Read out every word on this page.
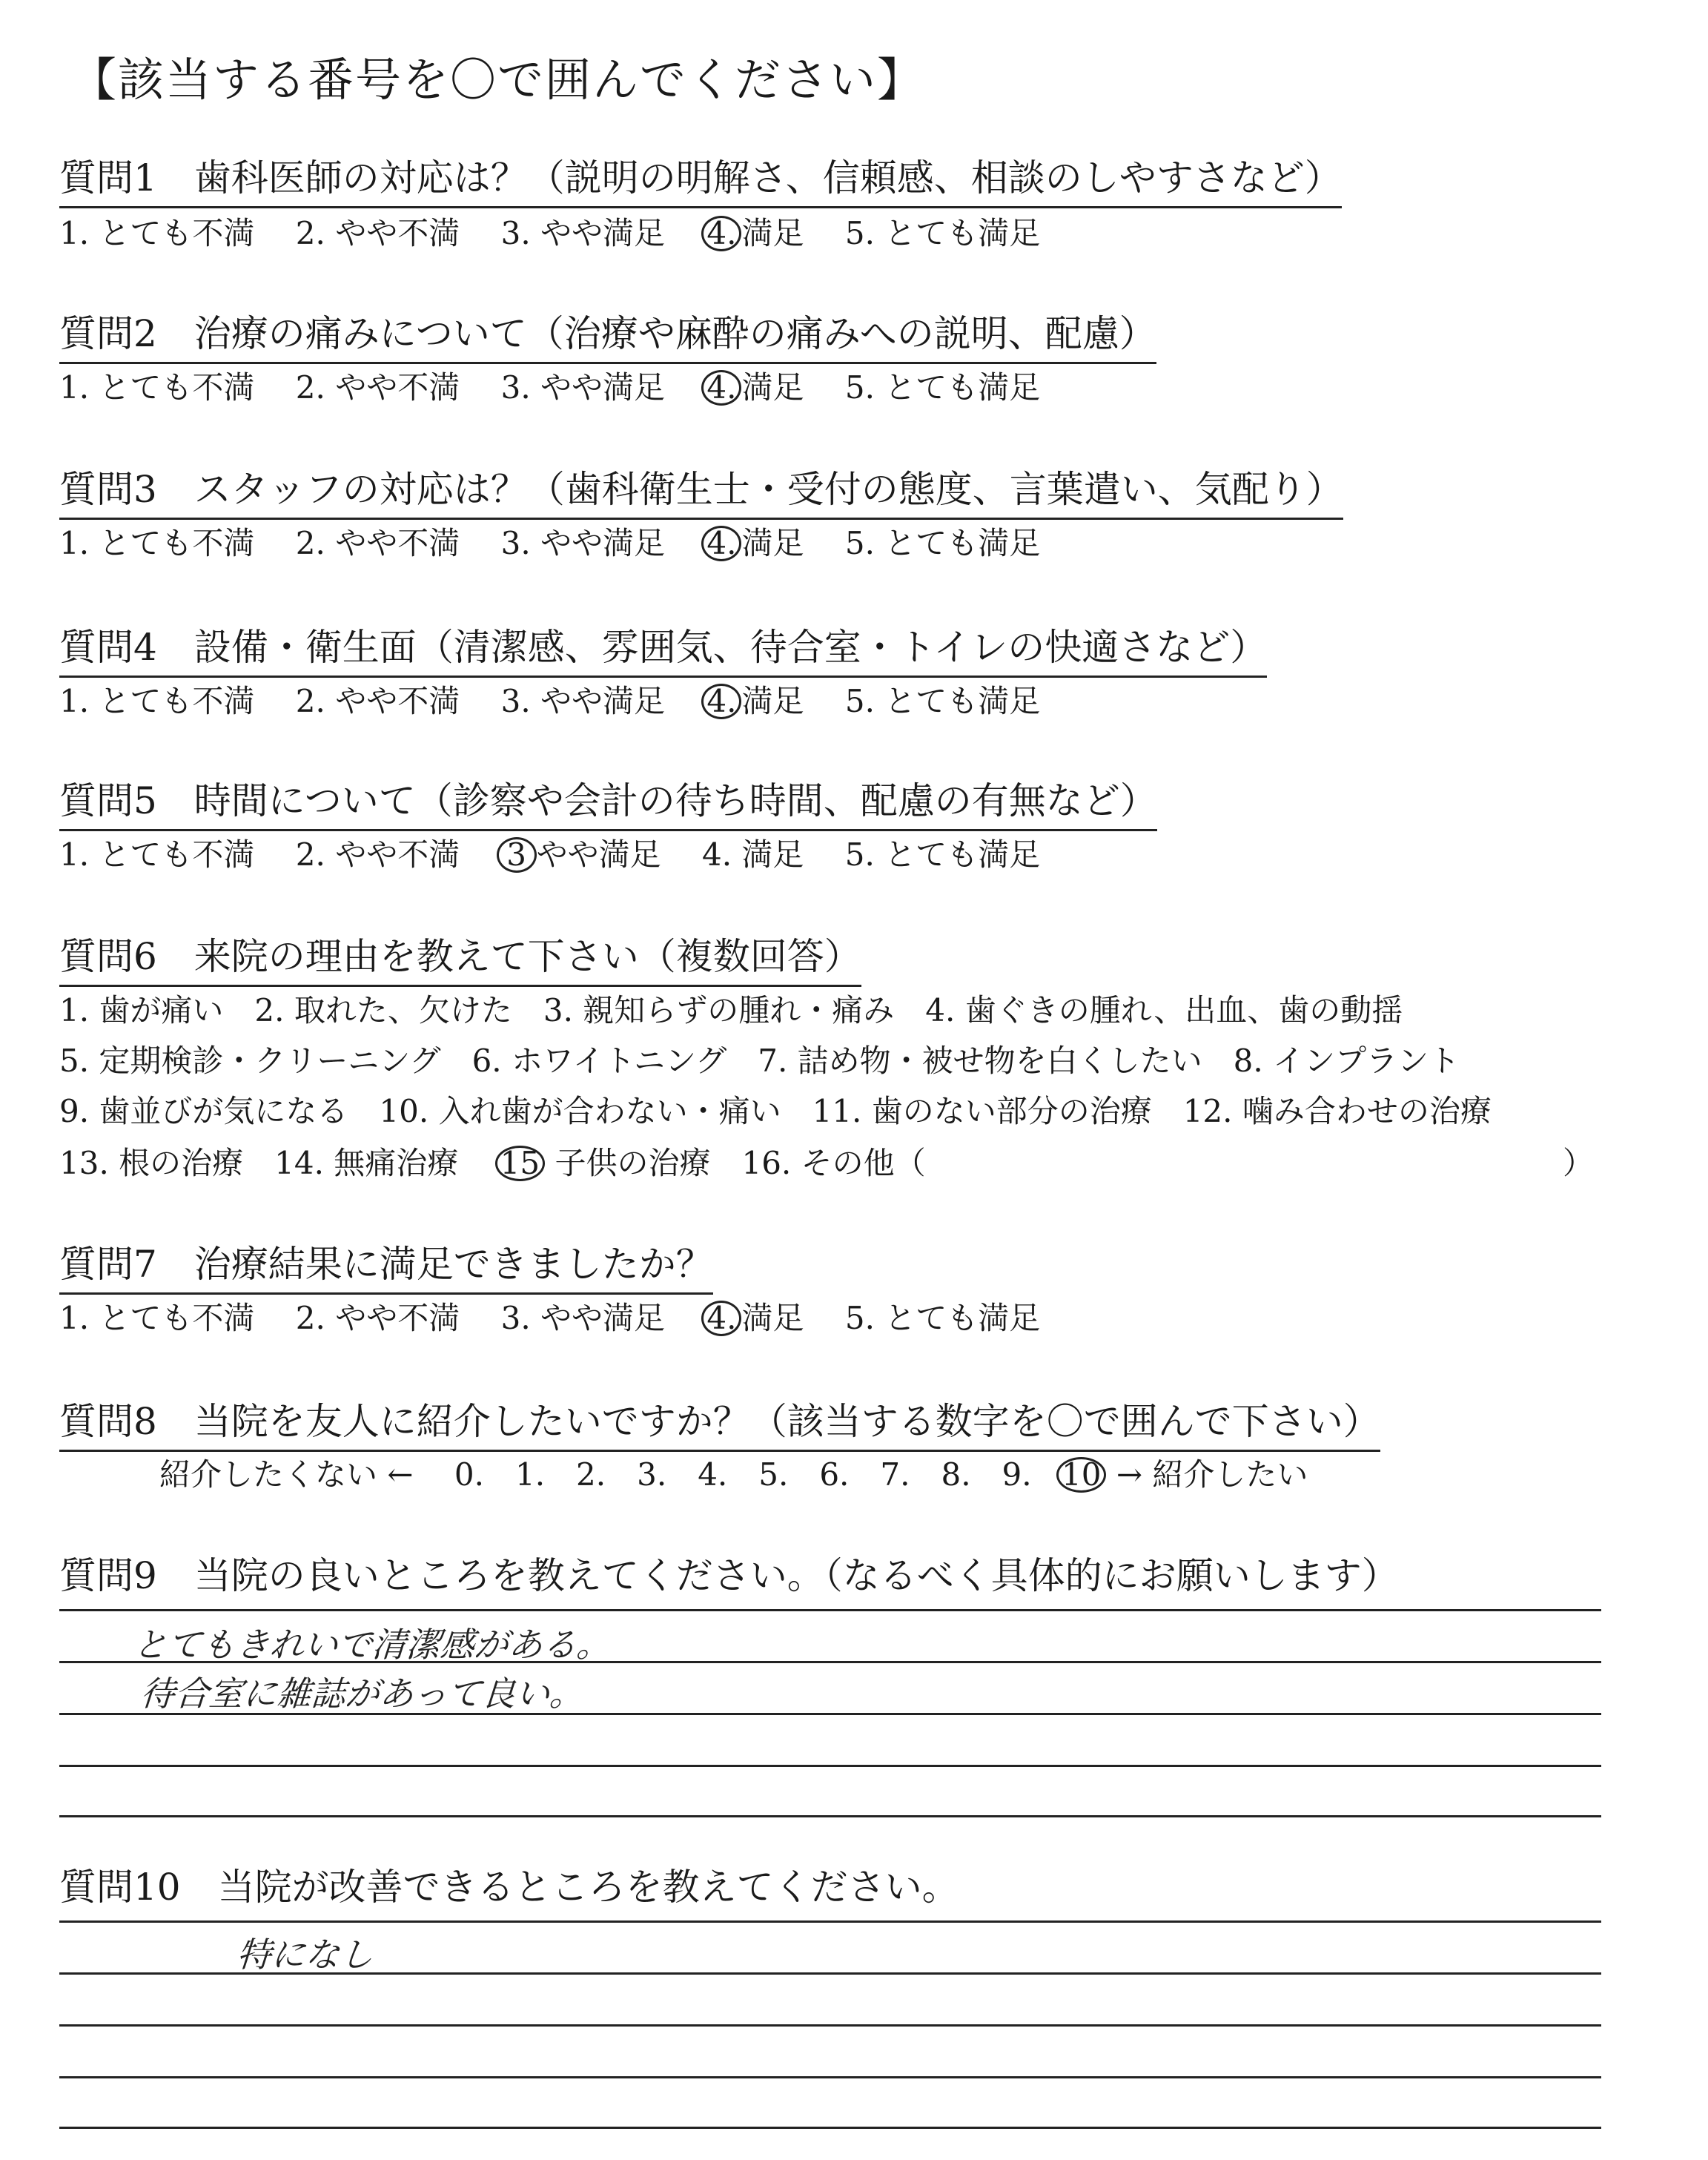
【該当する番号を〇で囲んでください】
質問1　歯科医師の対応は？（説明の明解さ、信頼感、相談のしやすさなど）
1. とても不満　 2. やや不満　 3. やや満足　 4. 満足　 5. とても満足
質問2　治療の痛みについて（治療や麻酔の痛みへの説明、配慮）
1. とても不満　 2. やや不満　 3. やや満足　 4. 満足　 5. とても満足
質問3　スタッフの対応は？（歯科衛生士・受付の態度、言葉遣い、気配り）
1. とても不満　 2. やや不満　 3. やや満足　 4. 満足　 5. とても満足
質問4　設備・衛生面（清潔感、雰囲気、待合室・トイレの快適さなど）
1. とても不満　 2. やや不満　 3. やや満足　 4. 満足　 5. とても満足
質問5　時間について（診察や会計の待ち時間、配慮の有無など）
1. とても不満　 2. やや不満　 3 やや満足　 4. 満足　 5. とても満足
質問6　来院の理由を教えて下さい（複数回答）
1. 歯が痛い　2. 取れた、欠けた　3. 親知らずの腫れ・痛み　4. 歯ぐきの腫れ、出血、歯の動揺
5. 定期検診・クリーニング　6. ホワイトニング　7. 詰め物・被せ物を白くしたい　8. インプラント
9. 歯並びが気になる　10. 入れ歯が合わない・痛い　11. 歯のない部分の治療　12. 噛み合わせの治療
13. 根の治療　14. 無痛治療　 15 子供の治療　16. その他（	）
質問7　治療結果に満足できましたか？
1. とても不満　 2. やや不満　 3. やや満足　 4. 満足　 5. とても満足
質問8　当院を友人に紹介したいですか？（該当する数字を〇で囲んで下さい）
紹介したくない ←　 0.　1.　2.　3.　4.　5.　6.　7.　8.　9. 10 → 紹介したい
質問9　当院の良いところを教えてください。（なるべく具体的にお願いします）
とてもきれいで清潔感がある。
待合室に雑誌があって良い。
質問10　当院が改善できるところを教えてください。
特になし
